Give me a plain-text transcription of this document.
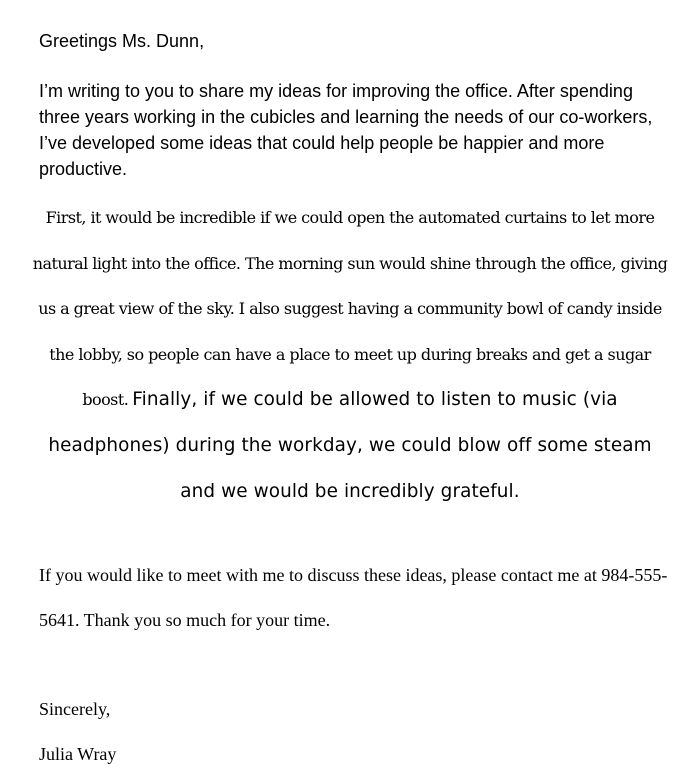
Greetings Ms. Dunn,

I’m writing to you to share my ideas for improving the office. After spending three years working in the cubicles and learning the needs of our co-workers, I’ve developed some ideas that could help people be happier and more productive.

First, it would be incredible if we could open the automated curtains to let more natural light into the office. The morning sun would shine through the office, giving us a great view of the sky. I also suggest having a community bowl of candy inside the lobby, so people can have a place to meet up during breaks and get a sugar boost. Finally, if we could be allowed to listen to music (via headphones) during the workday, we could blow off some steam and we would be incredibly grateful.

If you would like to meet with me to discuss these ideas, please contact me at 984-555-5641. Thank you so much for your time.

Sincerely,
Julia Wray
